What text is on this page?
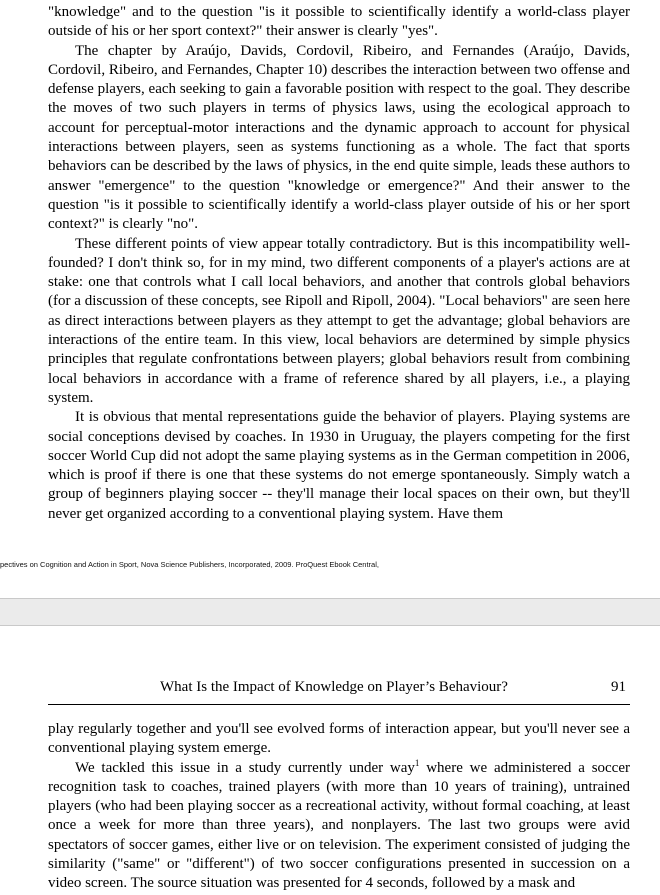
"knowledge" and to the question "is it possible to scientifically identify a world-class player outside of his or her sport context?" their answer is clearly "yes".

The chapter by Araújo, Davids, Cordovil, Ribeiro, and Fernandes (Araújo, Davids, Cordovil, Ribeiro, and Fernandes, Chapter 10) describes the interaction between two offense and defense players, each seeking to gain a favorable position with respect to the goal. They describe the moves of two such players in terms of physics laws, using the ecological approach to account for perceptual-motor interactions and the dynamic approach to account for physical interactions between players, seen as systems functioning as a whole. The fact that sports behaviors can be described by the laws of physics, in the end quite simple, leads these authors to answer "emergence" to the question "knowledge or emergence?" And their answer to the question "is it possible to scientifically identify a world-class player outside of his or her sport context?" is clearly "no".

These different points of view appear totally contradictory. But is this incompatibility well-founded? I don't think so, for in my mind, two different components of a player's actions are at stake: one that controls what I call local behaviors, and another that controls global behaviors (for a discussion of these concepts, see Ripoll and Ripoll, 2004). "Local behaviors" are seen here as direct interactions between players as they attempt to get the advantage; global behaviors are interactions of the entire team. In this view, local behaviors are determined by simple physics principles that regulate confrontations between players; global behaviors result from combining local behaviors in accordance with a frame of reference shared by all players, i.e., a playing system.

It is obvious that mental representations guide the behavior of players. Playing systems are social conceptions devised by coaches. In 1930 in Uruguay, the players competing for the first soccer World Cup did not adopt the same playing systems as in the German competition in 2006, which is proof if there is one that these systems do not emerge spontaneously. Simply watch a group of beginners playing soccer -- they'll manage their local spaces on their own, but they'll never get organized according to a conventional playing system. Have them

pectives on Cognition and Action in Sport, Nova Science Publishers, Incorporated, 2009. ProQuest Ebook Central,
What Is the Impact of Knowledge on Player’s Behaviour?	91

play regularly together and you'll see evolved forms of interaction appear, but you'll never see a conventional playing system emerge.

We tackled this issue in a study currently under way$^1$ where we administered a soccer recognition task to coaches, trained players (with more than 10 years of training), untrained players (who had been playing soccer as a recreational activity, without formal coaching, at least once a week for more than three years), and nonplayers. The last two groups were avid spectators of soccer games, either live or on television. The experiment consisted of judging the similarity ("same" or "different") of two soccer configurations presented in succession on a video screen. The source situation was presented for 4 seconds, followed by a mask and
